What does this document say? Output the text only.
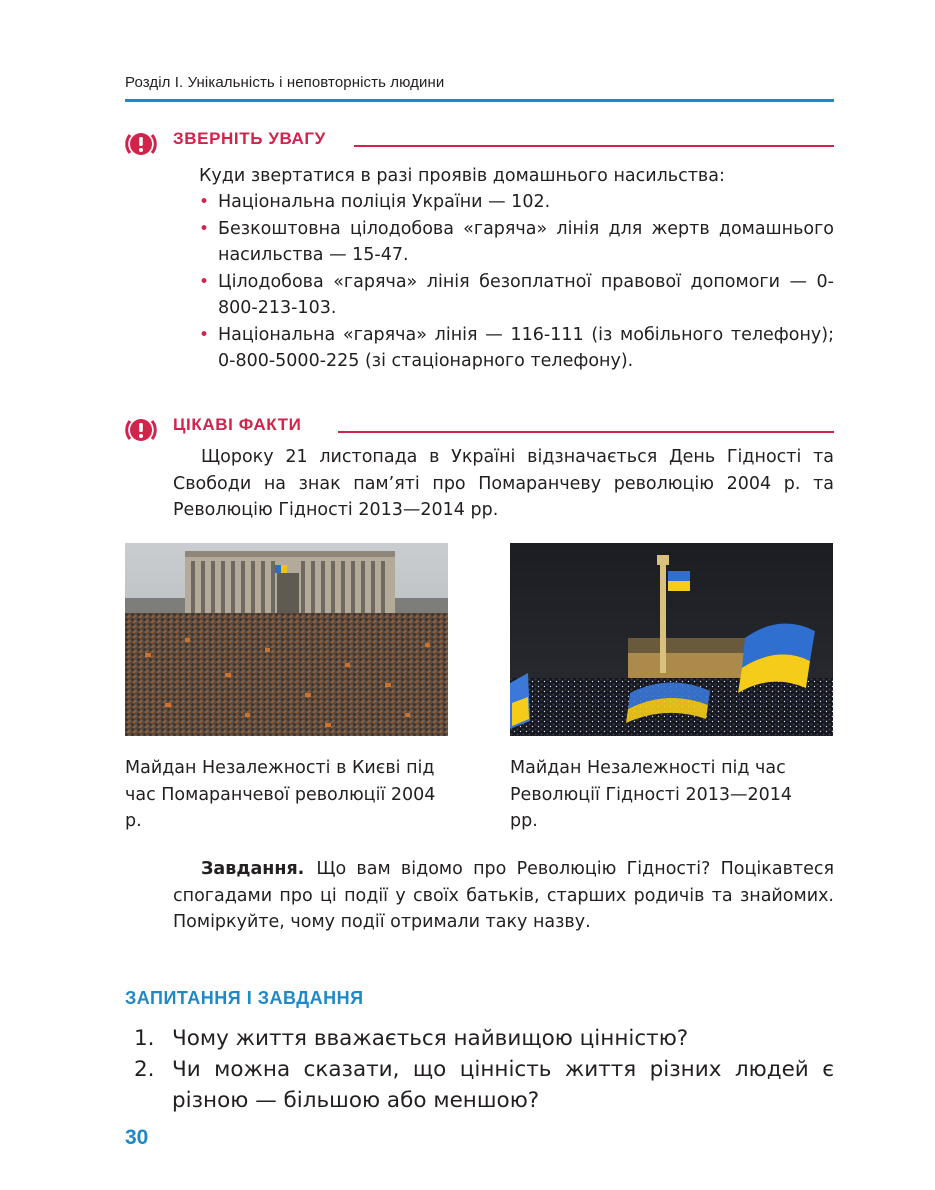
Розділ І. Унікальність і неповторність людини
ЗВЕРНІТЬ УВАГУ
Куди звертатися в разі проявів домашнього насильства:
• Національна поліція України — 102.
• Безкоштовна цілодобова «гаряча» лінія для жертв домашнього насильства — 15-47.
• Цілодобова «гаряча» лінія безоплатної правової допомоги — 0-800-213-103.
• Національна «гаряча» лінія — 116-111 (із мобільного телефону); 0-800-5000-225 (зі стаціонарного телефону).
ЦІКАВІ ФАКТИ
Щороку 21 листопада в Україні відзначається День Гідності та Свободи на знак пам’яті про Помаранчеву революцію 2004 р. та Революцію Гідності 2013—2014 рр.
Майдан Незалежності в Києві під час Помаранчевої революції 2004 р.
Майдан Незалежності під час Революції Гідності 2013—2014 рр.
Завдання. Що вам відомо про Революцію Гідності? Поцікавтеся спогадами про ці події у своїх батьків, старших родичів та знайомих. Поміркуйте, чому події отримали таку назву.
ЗАПИТАННЯ І ЗАВДАННЯ
1. Чому життя вважається найвищою цінністю?
2. Чи можна сказати, що цінність життя різних людей є різною — більшою або меншою?
30
